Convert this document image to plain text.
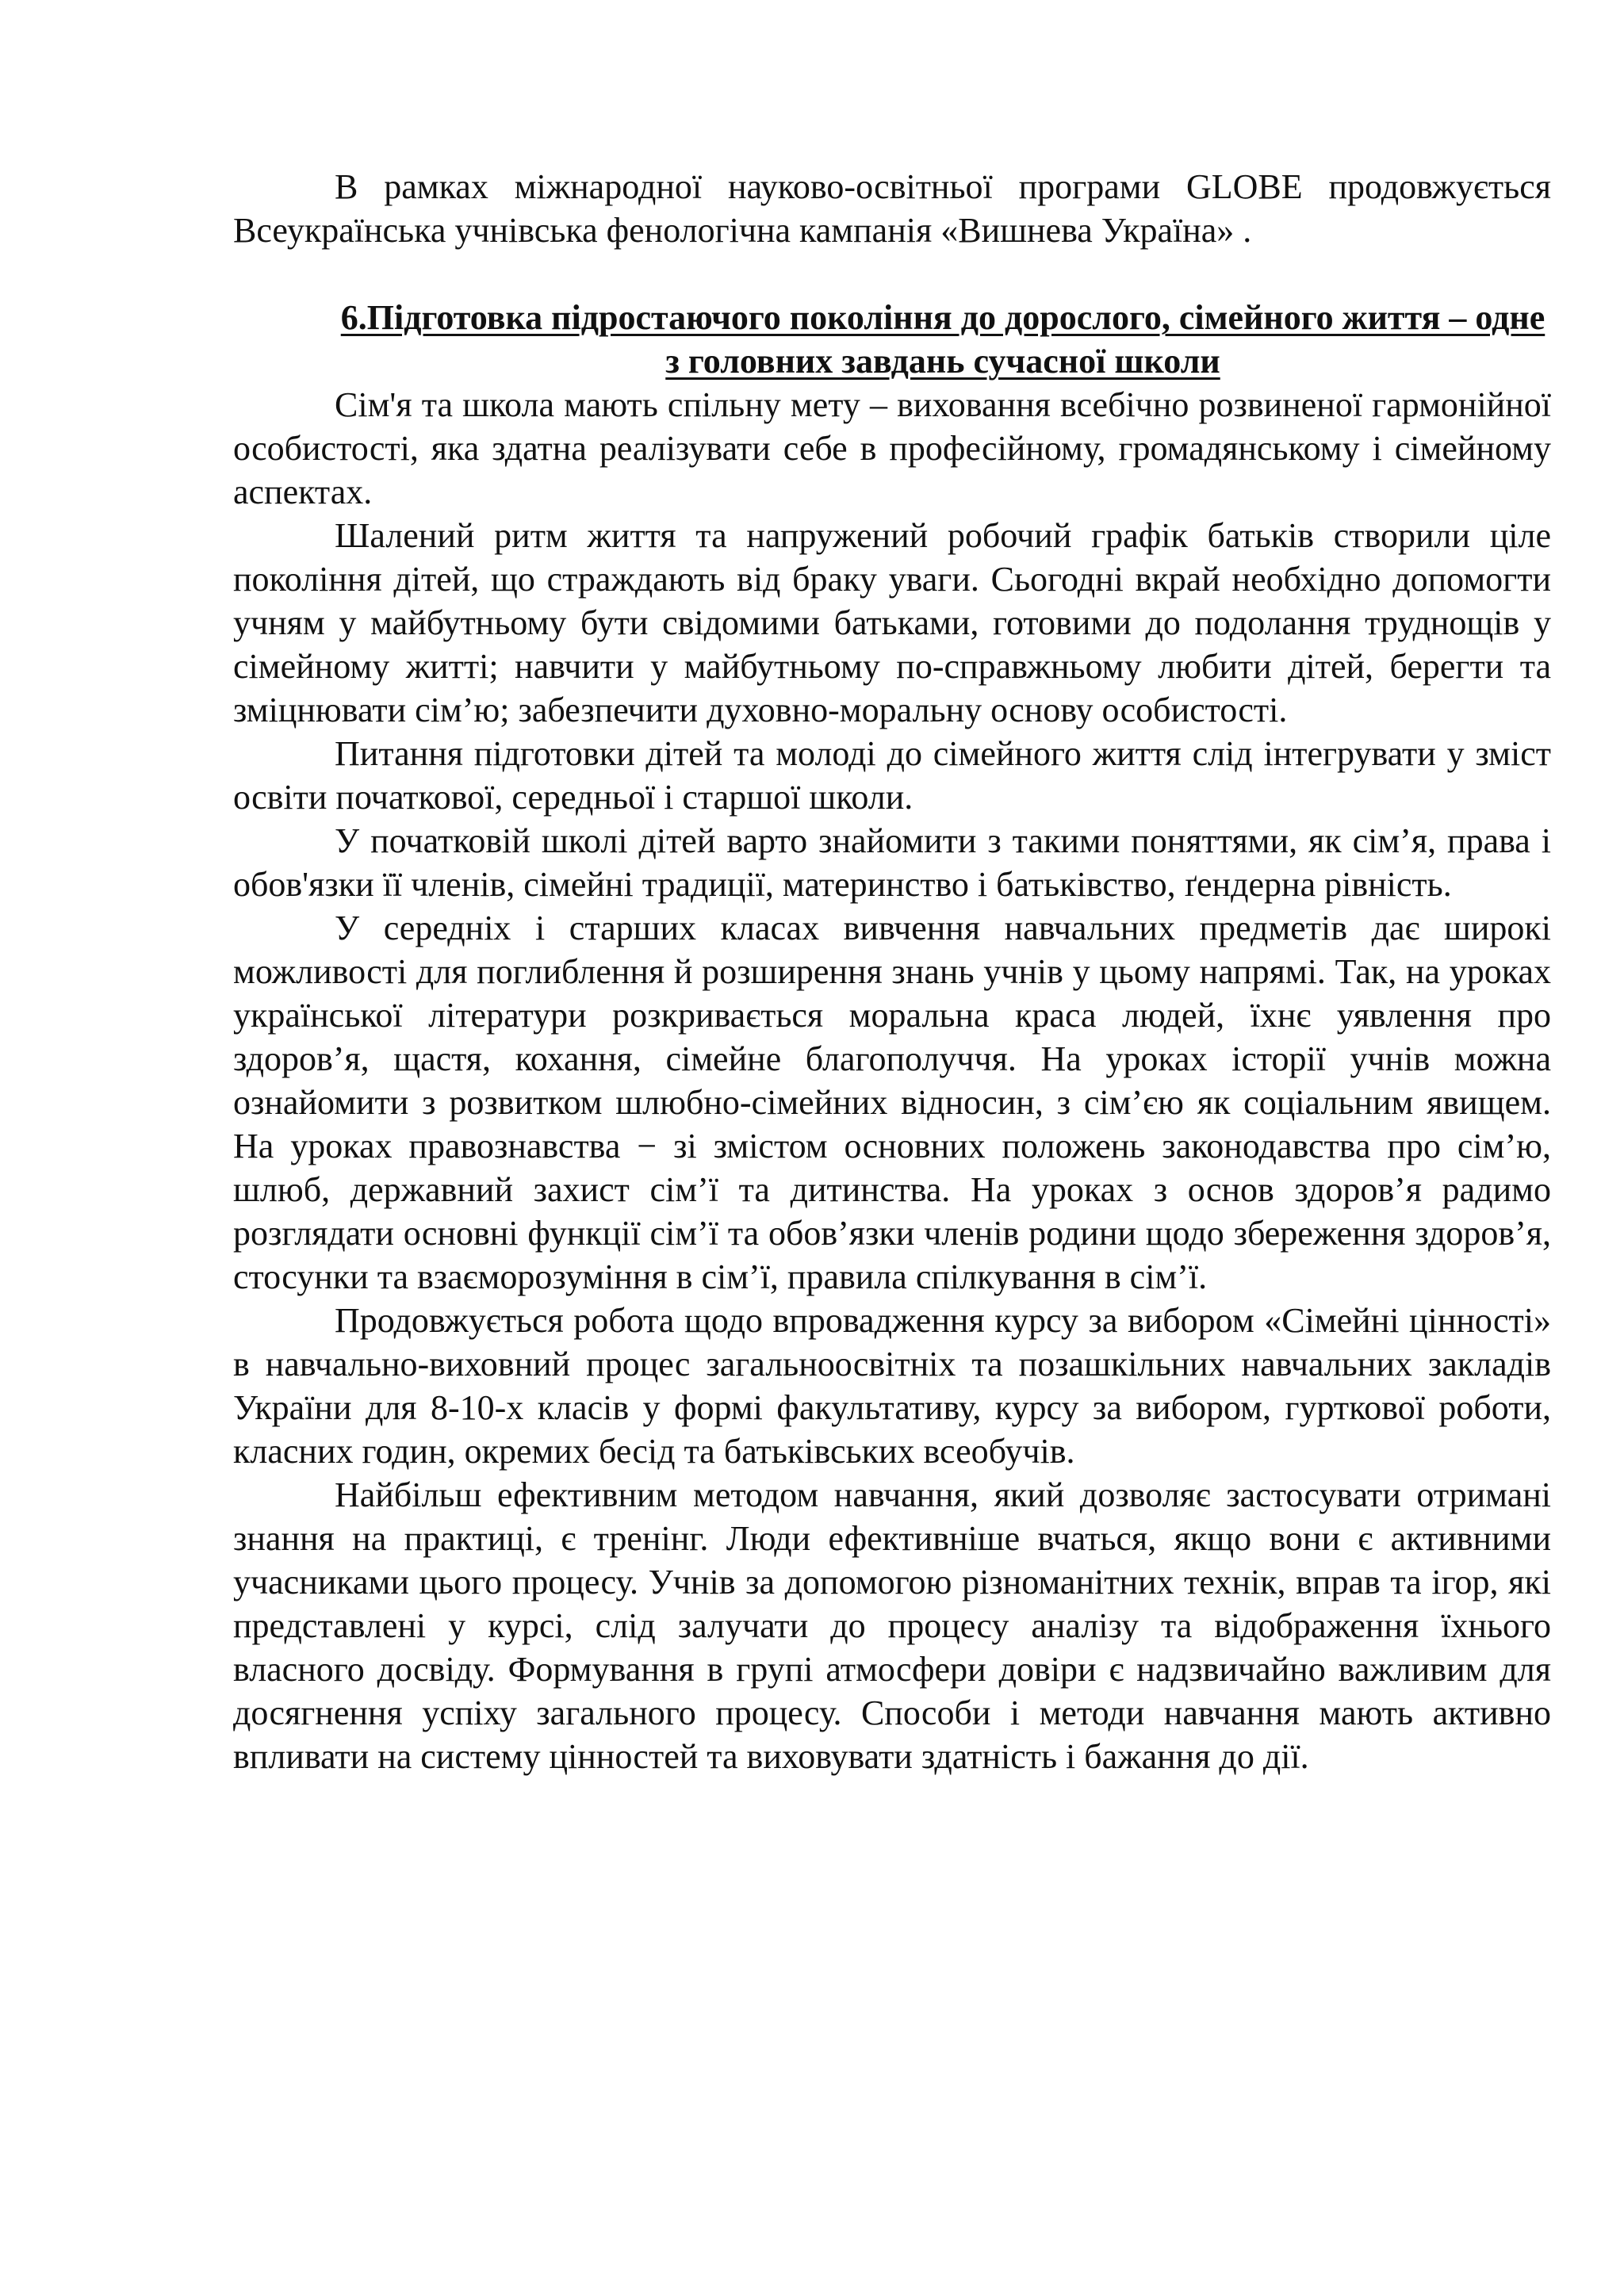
В рамках міжнародної науково-освітньої програми GLOBE продовжується Всеукраїнська учнівська фенологічна кампанія «Вишнева Україна» .

6.Підготовка підростаючого покоління до дорослого, сімейного життя – одне з головних завдань сучасної школи

Сім'я та школа мають спільну мету – виховання всебічно розвиненої гармонійної особистості, яка здатна реалізувати себе в професійному, громадянському і сімейному аспектах.

Шалений ритм життя та напружений робочий графік батьків створили ціле покоління дітей, що страждають від браку уваги. Сьогодні вкрай необхідно допомогти учням у майбутньому бути свідомими батьками, готовими до подолання труднощів у сімейному житті; навчити у майбутньому по-справжньому любити дітей, берегти та зміцнювати сім’ю; забезпечити духовно-моральну основу особистості.

Питання підготовки дітей та молоді до сімейного життя слід інтегрувати у зміст освіти початкової, середньої і старшої школи.

У початковій школі дітей варто знайомити з такими поняттями, як сім’я, права і обов'язки її членів, сімейні традиції, материнство і батьківство, ґендерна рівність.

У середніх і старших класах вивчення навчальних предметів дає широкі можливості для поглиблення й розширення знань учнів у цьому напрямі. Так, на уроках української літератури розкривається моральна краса людей, їхнє уявлення про здоров’я, щастя, кохання, сімейне благополуччя. На уроках історії учнів можна ознайомити з розвитком шлюбно-сімейних відносин, з сім’єю як соціальним явищем. На уроках правознавства − зі змістом основних положень законодавства про сім’ю, шлюб, державний захист сім’ї та дитинства. На уроках з основ здоров’я радимо розглядати основні функції сім’ї та обов’язки членів родини щодо збереження здоров’я, стосунки та взаєморозуміння в сім’ї, правила спілкування в сім’ї.

Продовжується робота щодо впровадження курсу за вибором «Сімейні цінності» в навчально-виховний процес загальноосвітніх та позашкільних навчальних закладів України для 8-10-х класів у формі факультативу, курсу за вибором, гурткової роботи, класних годин, окремих бесід та батьківських всеобучів.

Найбільш ефективним методом навчання, який дозволяє застосувати отримані знання на практиці, є тренінг. Люди ефективніше вчаться, якщо вони є активними учасниками цього процесу. Учнів за допомогою різноманітних технік, вправ та ігор, які представлені у курсі, слід залучати до процесу аналізу та відображення їхнього власного досвіду. Формування в групі атмосфери довіри є надзвичайно важливим для досягнення успіху загального процесу. Способи і методи навчання мають активно впливати на систему цінностей та виховувати здатність і бажання до дії.
